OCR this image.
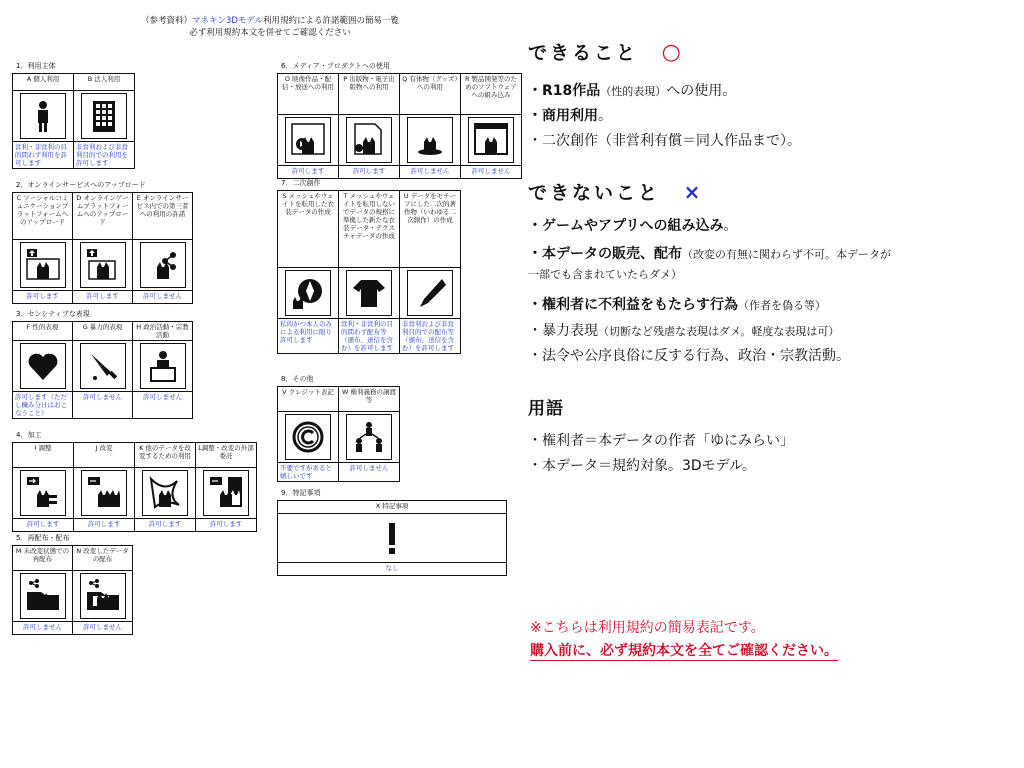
（参考資料）マネキン3Dモデル利用規約による許諾範囲の簡易一覧
必ず利用規約本文を併せてご確認ください
1．利用主体
A 個人利用	B 法人利用

営利・非営利の目的問わず利用を許可します	非営利および非営利目的での利用を許可します
2．オンラインサービスへのアップロード
C ソーシャルコミュニケーションプラットフォームへのアップロード	D オンラインゲームプラットフォームへのアップロード	E オンラインサービス内での第三者への利用の許諾

許可します	許可します	許可しません
3．センシティブな表現
F 性的表現	G 暴力的表現	H 政治活動・宗教活動

許可します（ただし穢み分けはおこなうこと）	許可しません	許可しません
4．加工
I 調整	J 改変	K 他のデータを改変するための利用	L調整・改変の外部委託

許可します	許可します	許可します	許可します
5．再配布・配布
M 未改変状態での再配布	N 改変したデータの配布

許可しません	許可しません
6．メディア・プロダクトへの使用
O 映像作品・配信・放送への利用	P 出版物・電子出版物への利用	Q 有体物（グッズ）への利用	R 製品開発等のためのソフトウェアへの組み込み

許可します	許可します	許可しません	許可しません
7．二次創作
S メッシュやウェイトを転用した衣装データの作成	T メッシュやウェイトを転用しないでデータの規格に準拠した新たな衣装データ・テクスチャデータの作成	U データをモチーフにした二次的著作物（いわゆる二次創作）の作成

私的かつ本人のみによる利用に限り許可します	営利・非営利の目的問わず配布等（頒布、送信を含む）を許可します	非営利および非営利目的での配布等（頒布、送信を含む）を許可します
8．その他
V クレジット表記	W 権利義務の譲渡等

不要ですがあると嬉しいです	許可しません
9．特記事項
X 特記事項

なし
できること ○
・R18作品（性的表現）への使用。
・商用利用。
・二次創作（非営利有償＝同人作品まで）。
できないこと ×
・ゲームやアプリへの組み込み。
・本データの販売、配布（改変の有無に関わらず不可。本データが
一部でも含まれていたらダメ）
・権利者に不利益をもたらす行為（作者を偽る等）
・暴力表現（切断など残虐な表現はダメ。軽度な表現は可）
・法令や公序良俗に反する行為、政治・宗教活動。
用語
・権利者＝本データの作者「ゆにみらい」
・本データ＝規約対象。3Dモデル。
※こちらは利用規約の簡易表記です。
購入前に、必ず規約本文を全てご確認ください。
